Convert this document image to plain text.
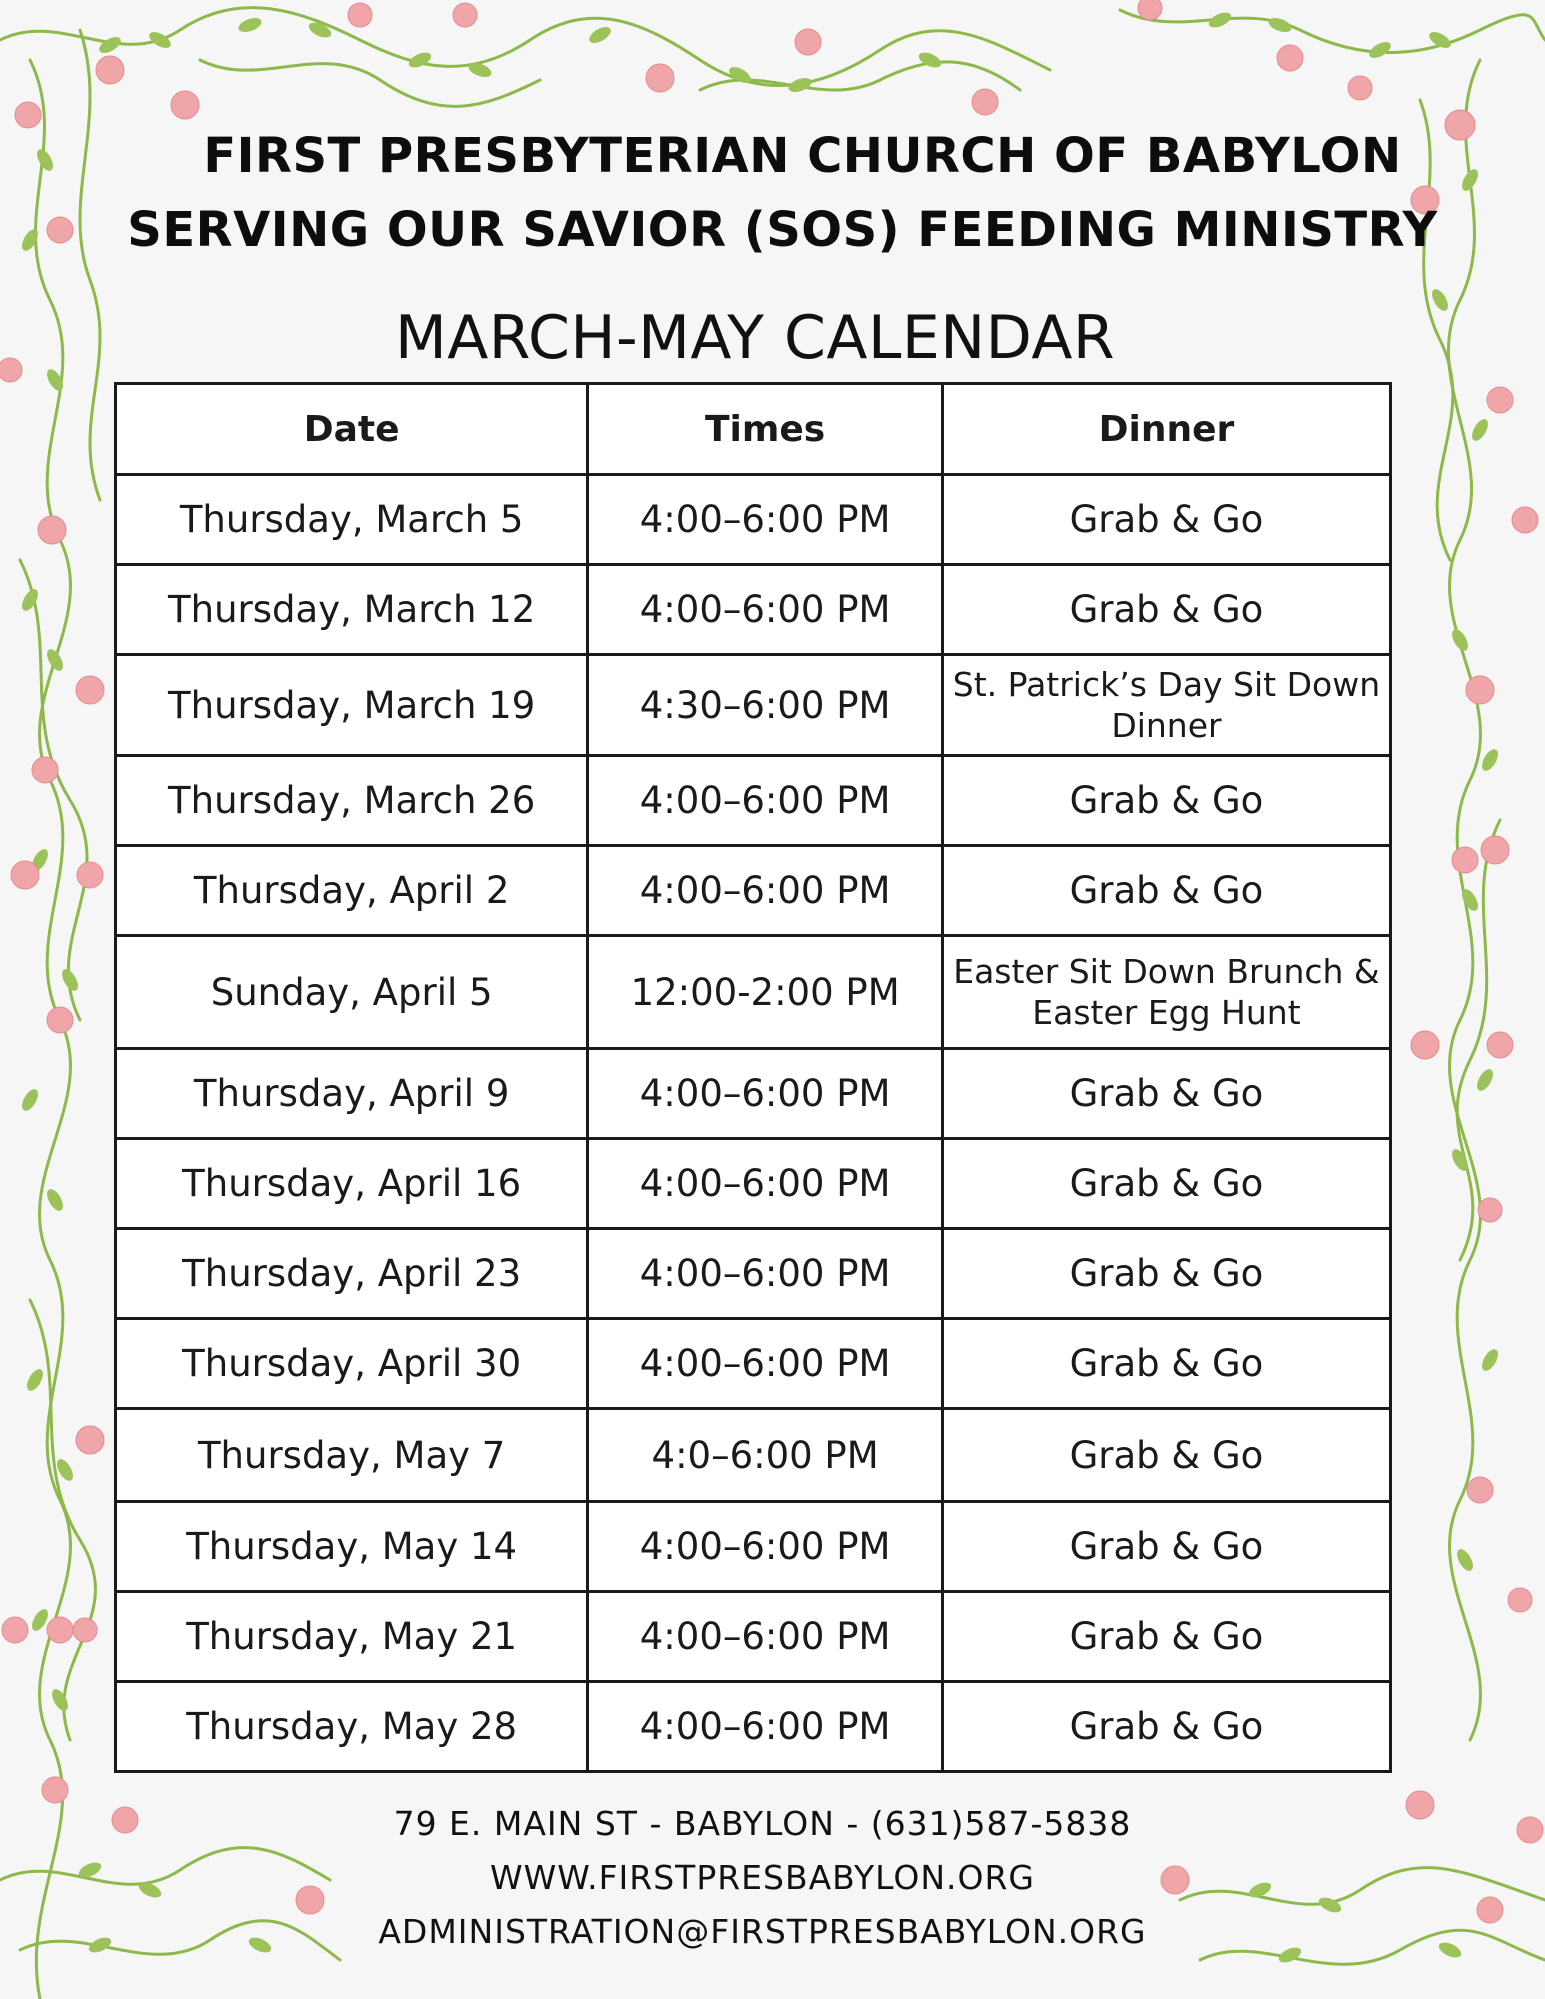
FIRST PRESBYTERIAN CHURCH OF BABYLON
SERVING OUR SAVIOR (SOS) FEEDING MINISTRY
MARCH-MAY CALENDAR
Date	Times	Dinner
Thursday, March 5	4:00–6:00 PM	Grab & Go
Thursday, March 12	4:00–6:00 PM	Grab & Go
Thursday, March 19	4:30–6:00 PM	St. Patrick’s Day Sit Down Dinner
Thursday, March 26	4:00–6:00 PM	Grab & Go
Thursday, April 2	4:00–6:00 PM	Grab & Go
Sunday, April 5	12:00-2:00 PM	Easter Sit Down Brunch & Easter Egg Hunt
Thursday, April 9	4:00–6:00 PM	Grab & Go
Thursday, April 16	4:00–6:00 PM	Grab & Go
Thursday, April 23	4:00–6:00 PM	Grab & Go
Thursday, April 30	4:00–6:00 PM	Grab & Go
Thursday, May 7	4:0–6:00 PM	Grab & Go
Thursday, May 14	4:00–6:00 PM	Grab & Go
Thursday, May 21	4:00–6:00 PM	Grab & Go
Thursday, May 28	4:00–6:00 PM	Grab & Go
79 E. MAIN ST - BABYLON - (631)587-5838
WWW.FIRSTPRESBABYLON.ORG
ADMINISTRATION@FIRSTPRESBABYLON.ORG
